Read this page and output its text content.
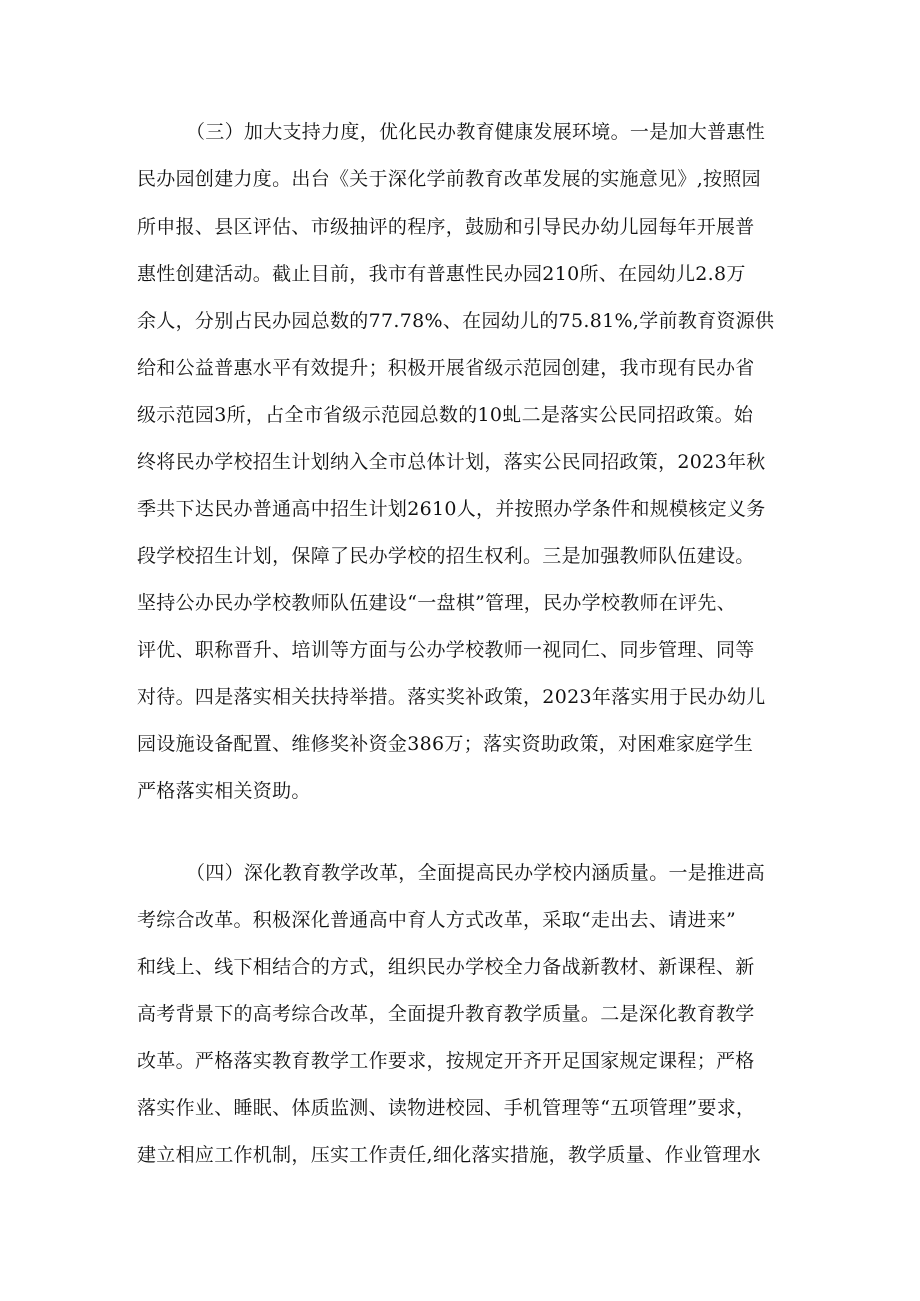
（三）加大支持力度，优化民办教育健康发展环境。一是加大普惠性
民办园创建力度。出台《关于深化学前教育改革发展的实施意见》,按照园
所申报、县区评估、市级抽评的程序，鼓励和引导民办幼儿园每年开展普
惠性创建活动。截止目前，我市有普惠性民办园210所、在园幼儿2.8万
余人，分别占民办园总数的77.78%、在园幼儿的75.81%,学前教育资源供
给和公益普惠水平有效提升；积极开展省级示范园创建，我市现有民办省
级示范园3所，占全市省级示范园总数的10虬二是落实公民同招政策。始
终将民办学校招生计划纳入全市总体计划，落实公民同招政策，2023年秋
季共下达民办普通高中招生计划2610人，并按照办学条件和规模核定义务
段学校招生计划，保障了民办学校的招生权利。三是加强教师队伍建设。
坚持公办民办学校教师队伍建设“一盘棋”管理，民办学校教师在评先、
评优、职称晋升、培训等方面与公办学校教师一视同仁、同步管理、同等
对待。四是落实相关扶持举措。落实奖补政策，2023年落实用于民办幼儿
园设施设备配置、维修奖补资金386万；落实资助政策，对困难家庭学生
严格落实相关资助。
（四）深化教育教学改革，全面提高民办学校内涵质量。一是推进高
考综合改革。积极深化普通高中育人方式改革，采取“走出去、请进来”
和线上、线下相结合的方式，组织民办学校全力备战新教材、新课程、新
高考背景下的高考综合改革，全面提升教育教学质量。二是深化教育教学
改革。严格落实教育教学工作要求，按规定开齐开足国家规定课程；严格
落实作业、睡眠、体质监测、读物进校园、手机管理等“五项管理”要求，
建立相应工作机制，压实工作责任,细化落实措施，教学质量、作业管理水
